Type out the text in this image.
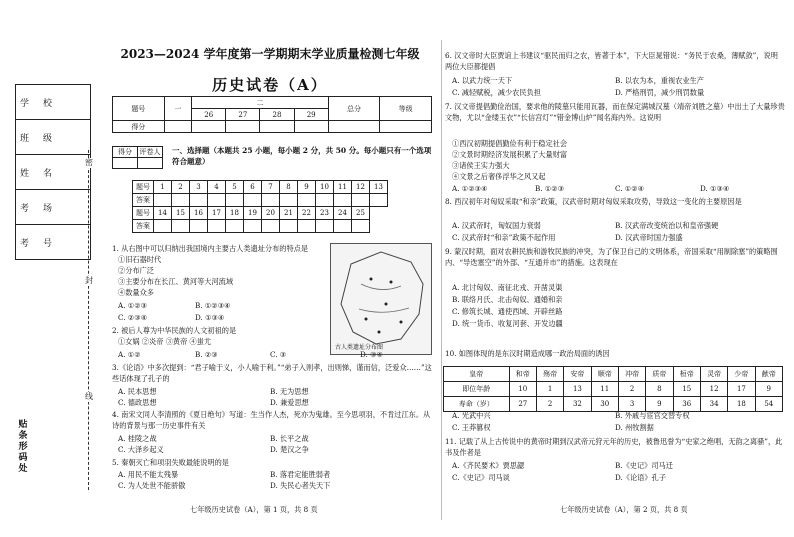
学校
班级
姓名
考场
考号
密
封
线
贴条形码处
2023—2024 学年度第一学期期末学业质量检测七年级
历史试卷（A）
题号	一	二				总分	等级
		26	27	28	29		
得分							
得分	评卷人
	一、选择题（本题共 25 小题，每小题 2 分，共 50 分。每小题只有一个选项符合题意）
题号	1	2	3	4	5	6	7	8	9	10	11	12	13
答案													
题号	14	15	16	17	18	19	20	21	22	23	24	25	
答案													
1. 从右图中可以归纳出我国境内主要古人类遗址分布的特点是
①旧石器时代
②分布广泛
③主要分布在长江、黄河等大河流域
④数量众多
A. ①②③	B. ①②③④
C. ②③④	D. ①③④
古人类遗址分布图
2. 被后人尊为中华民族的人文初祖的是
①女娲 ②炎帝 ③黄帝 ④蚩尤
A. ①②	B. ②③	C. ③	D. ③④
3.《论语》中多次提到：“君子喻于义，小人喻于利。”“弟子入则孝，出则悌，谨而信，泛爱众……”这些话体现了孔子的
A. 民本思想	B. 无为思想
C. 德政思想	D. 兼爱思想
4. 南宋文同人李清照的《夏日绝句》写道：生当作人杰，死亦为鬼雄。至今思项羽，不肯过江东。从诗的背景与那一历史事件有关
A. 桂陵之战	B. 长平之战
C. 大泽乡起义	D. 楚汉之争
5. 秦朝灭亡和项羽失败最能说明的是
A. 用民不能太残暴	B. 落君定能胜弱者
C. 为人处世不能骄傲	D. 失民心者失天下
七年级历史试卷（A），第 1 页，共 8 页
6. 汉文帝时大臣贾谊上书建议“驱民而归之农，皆著于本”，下大臣晁错说：“务民于农桑，薄赋敛”，说明两位大臣都提倡
A. 以武力统一天下	B. 以农为本，重视农业生产
C. 减轻赋税，减少农民负担	D. 严格刑罚，减少刑罚数量
7. 汉文帝提倡勤俭治国，要求他的陵墓只能用瓦器，而在保定满城汉墓（靖帝刘胜之墓）中出土了大量珍贵文物，尤以“金缕玉衣”“长信宫灯”“错金博山炉”闻名海内外。这说明
①西汉初期提倡勤俭有利于稳定社会
②文景时期经济发展积累了大量财富
③诸侯王实力强大
④文景之后奢侈浮华之风又起
A. ①②③④	B. ①②③	C. ①②④	D. ①③④
8. 西汉初年对匈奴采取“和亲”政策，汉武帝时期对匈奴采取攻势，导致这一变化的主要原因是
A. 汉武帝时，匈奴国力衰弱	B. 汉武帝改变统治以和皇帝强硬
C. 汉武帝时“和亲”政策不起作用	D. 汉武帝时国力强盛
9. 蒙汉时期，面对农耕民族和游牧民族的冲突，为了保卫自己的文明体系，帝国采取“用制除塞”的策略围内、“导迭塞空”的外部、“互通并市”的措施。这表现在
A. 北讨匈奴、南征北戎、开凿灵渠
B. 联络月氏、北击匈奴、通婚和亲
C. 修筑长城、通使西域、开辟丝路
D. 统一货币、收复河套、开发边疆
10. 如图体现的是东汉时期造成哪一政治局面的诱因
皇帝	和帝	殇帝	安帝	顺帝	冲帝	质帝	桓帝	灵帝	少帝	献帝
即位年龄	10	1	13	11	2	8	15	12	17	9
寿命（岁）	27	2	32	30	3	9	36	34	18	54
A. 光武中兴	B. 外戚与宦官交替专权
C. 王莽篡权	D. 州牧割据
11. 记载了从上古传说中的黄帝时期到汉武帝元狩元年的历史，被鲁迅誉为“史家之绝唱，无韵之离骚”，此书及作者是
A.《齐民要术》贾思勰	B.《史记》司马迁
C.《史记》司马谈	D.《论语》孔子
七年级历史试卷（A），第 2 页，共 8 页
